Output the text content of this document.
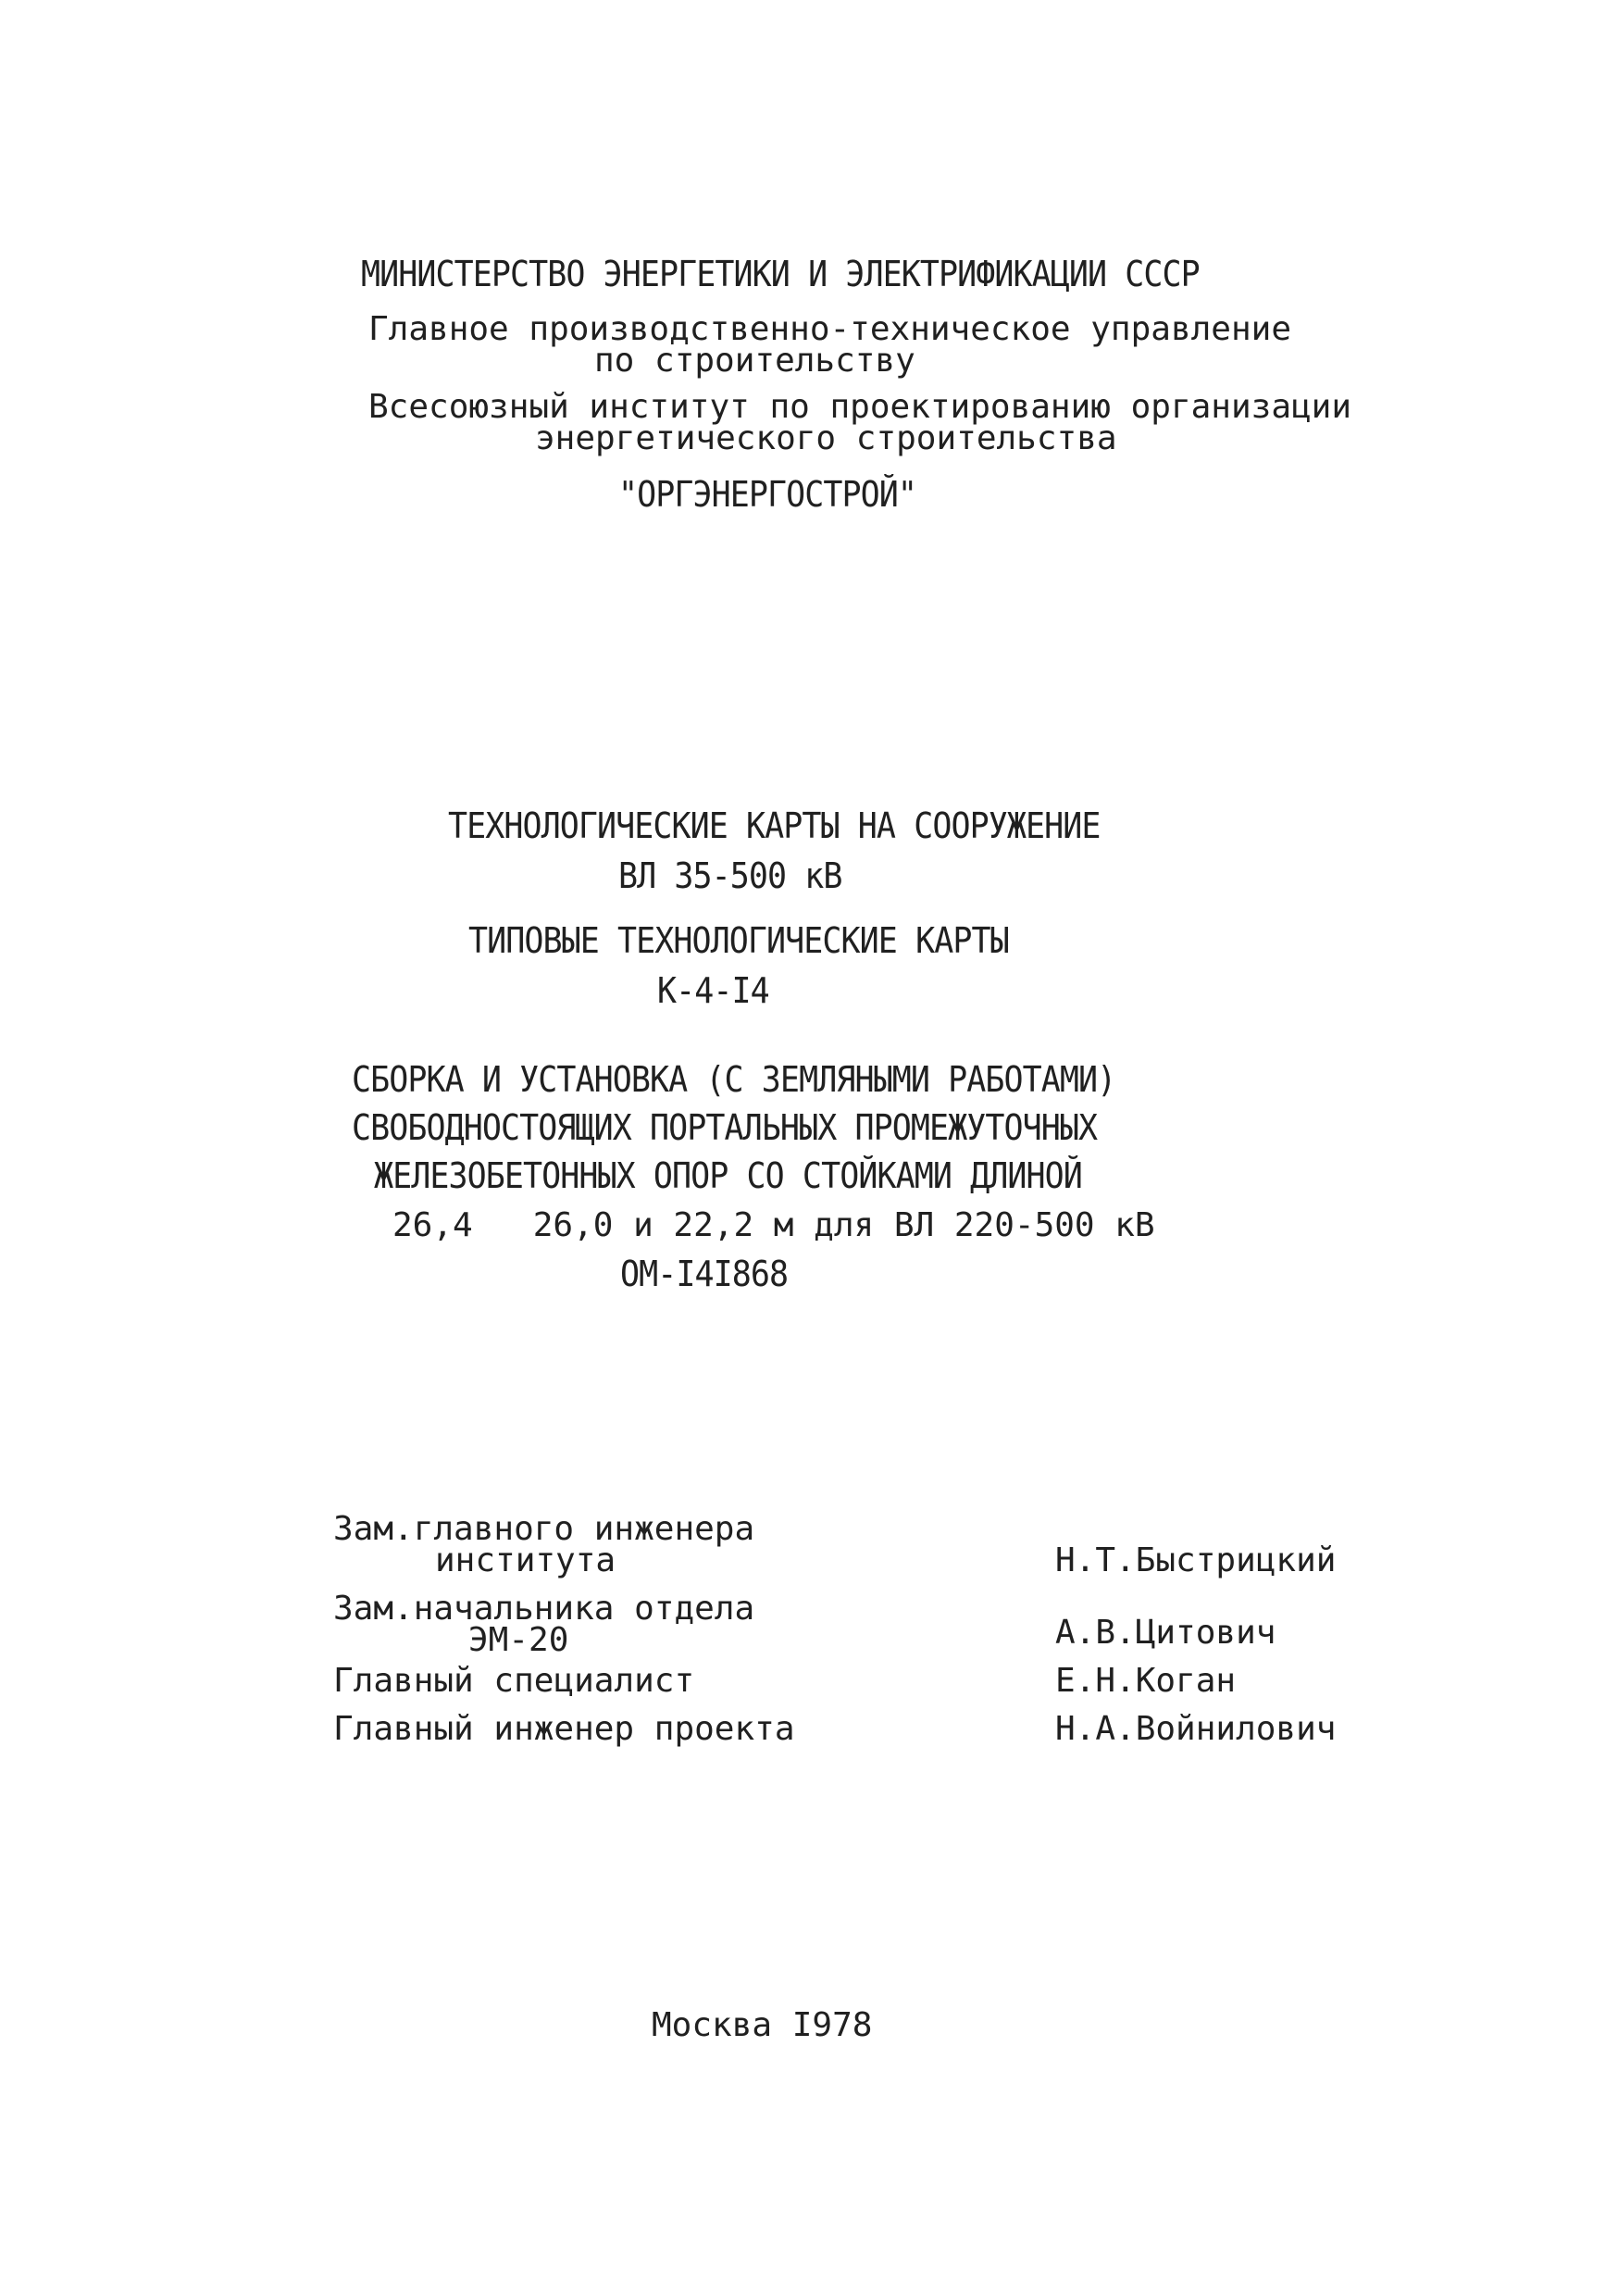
МИНИСТЕРСТВО ЭНЕРГЕТИКИ И ЭЛЕКТРИФИКАЦИИ СССР
Главное производственно-техническое управление
по строительству
Всесоюзный институт по проектированию организации
энергетического строительства
"ОРГЭНЕРГОСТРОЙ"
ТЕХНОЛОГИЧЕСКИЕ КАРТЫ НА СООРУЖЕНИЕ
ВЛ 35-500 кВ
ТИПОВЫЕ ТЕХНОЛОГИЧЕСКИЕ КАРТЫ
К-4-I4
СБОРКА И УСТАНОВКА (С ЗЕМЛЯНЫМИ РАБОТАМИ)
СВОБОДНОСТОЯЩИХ ПОРТАЛЬНЫХ ПРОМЕЖУТОЧНЫХ
ЖЕЛЕЗОБЕТОННЫХ ОПОР СО СТОЙКАМИ ДЛИНОЙ
26,4   26,0 и 22,2 м для ВЛ 220-500 кВ
ОМ-I4I868
Зам.главного инженера
института	Н.Т.Быстрицкий
Зам.начальника отдела
ЭМ-20	А.В.Цитович
Главный специалист	Е.Н.Коган
Главный инженер проекта	Н.А.Войнилович
Москва I978
